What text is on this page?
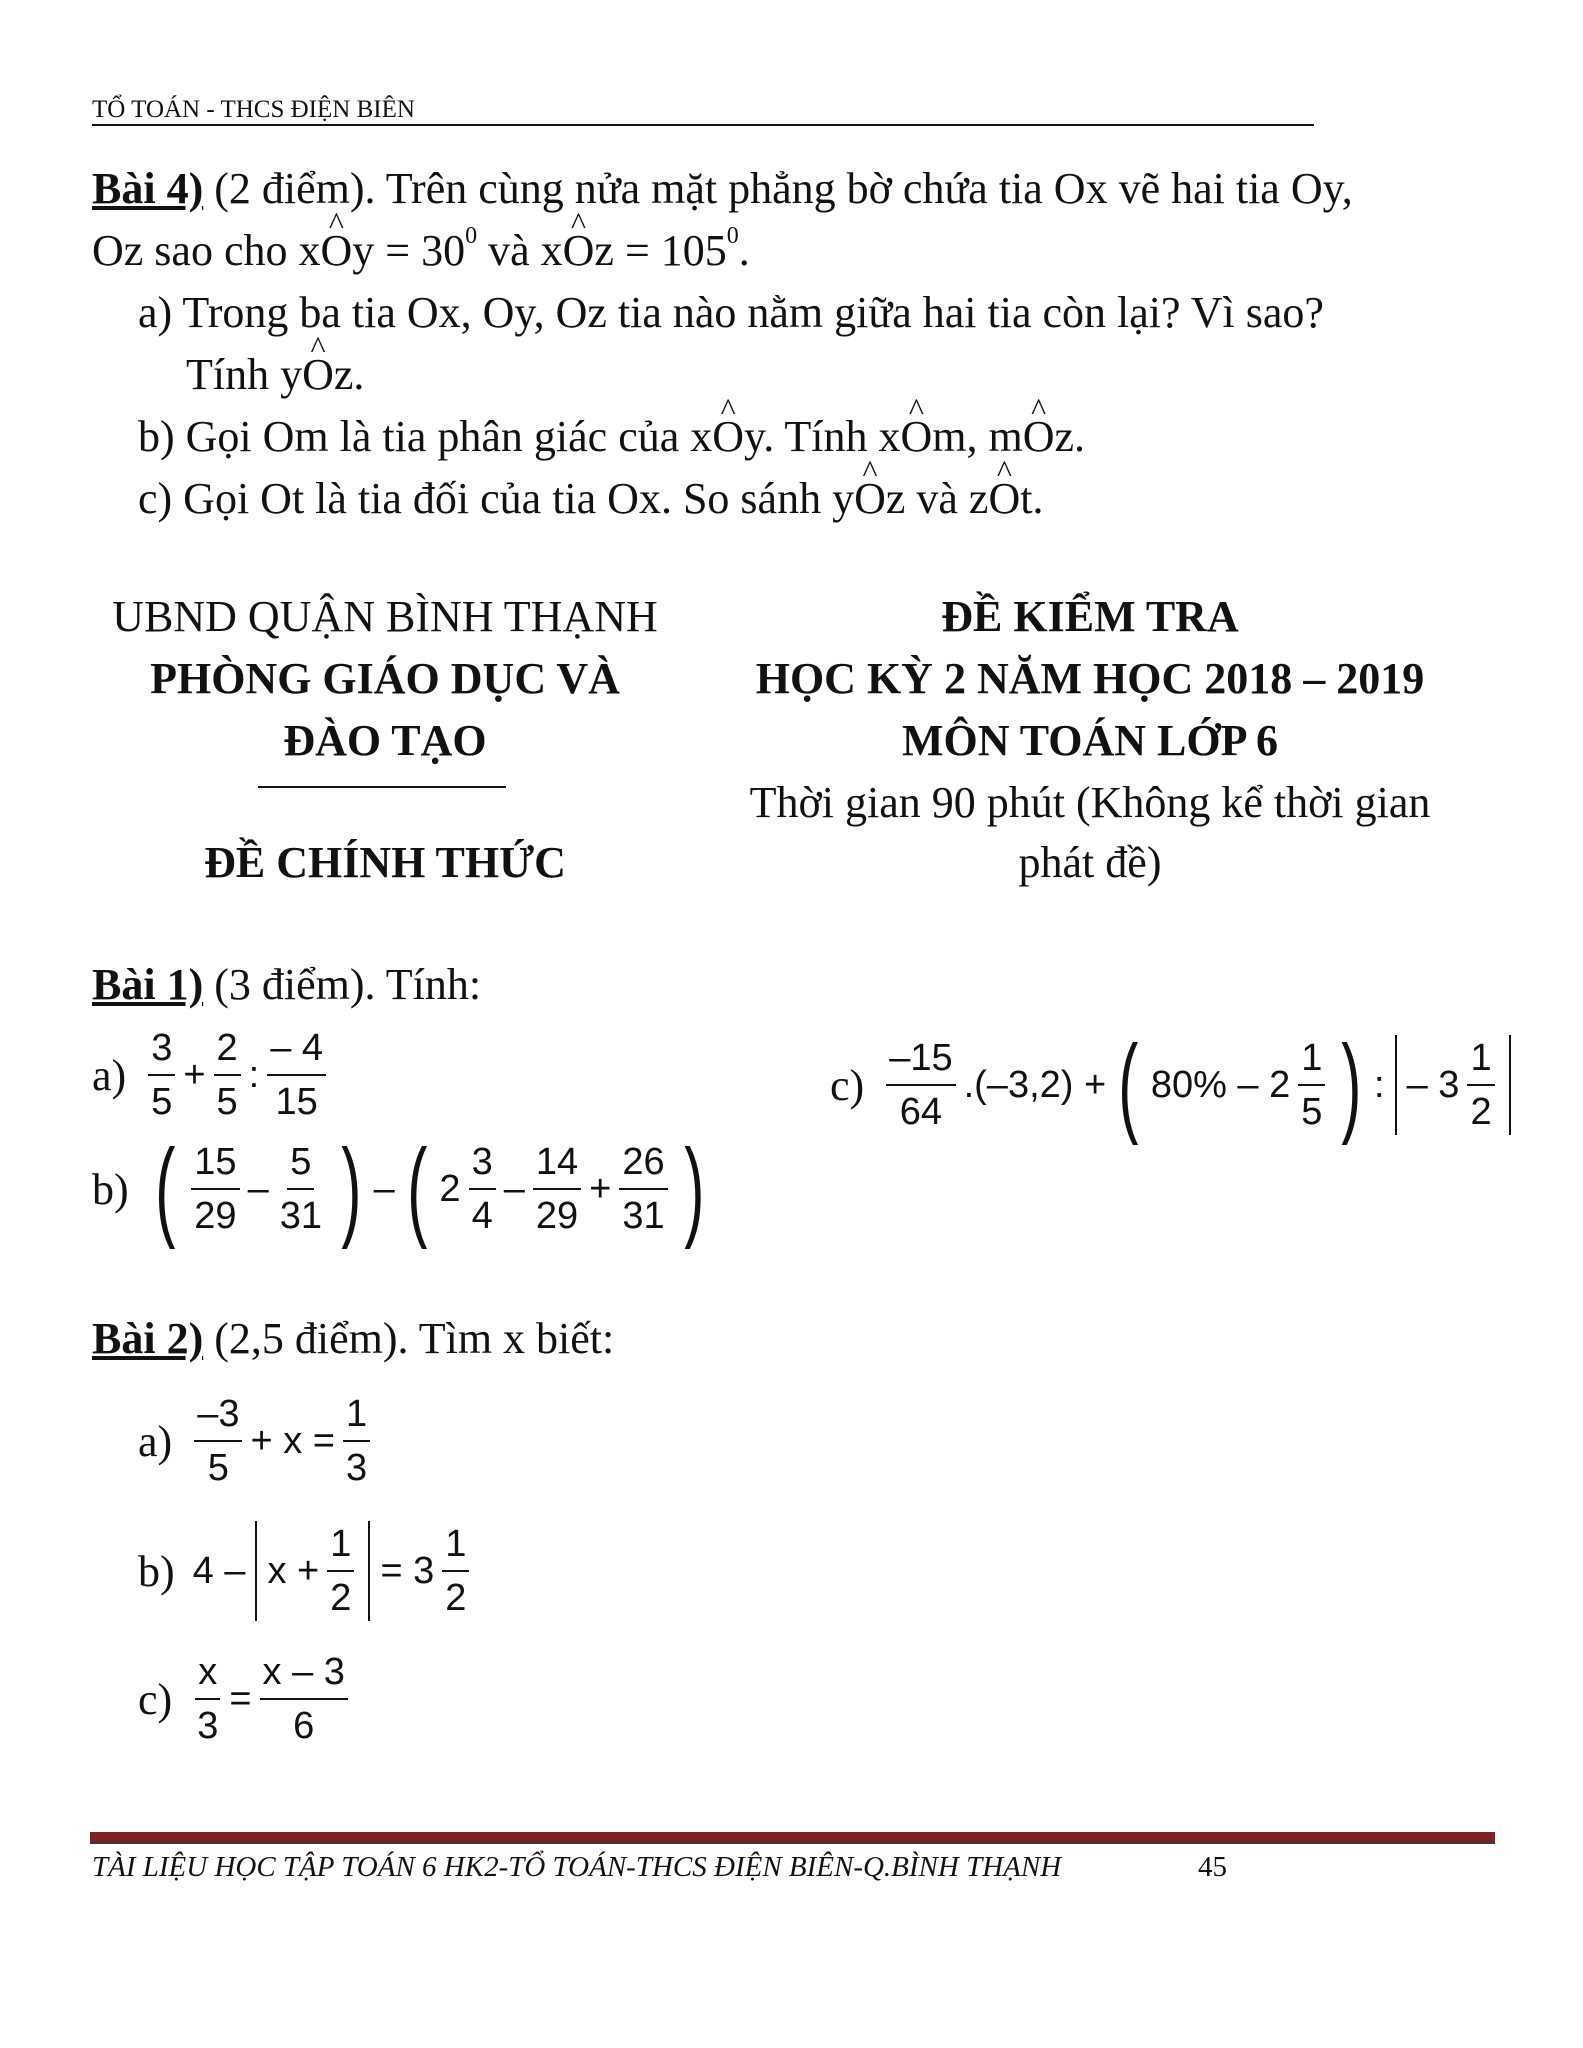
TỔ TOÁN - THCS ĐIỆN BIÊN
Bài 4) (2 điểm). Trên cùng nửa mặt phẳng bờ chứa tia Ox vẽ hai tia Oy,
Oz sao cho x^ $Oy = 30^0$ và x^ $Oz = 105^0$.
a) Trong ba tia Ox, Oy, Oz tia nào nằm giữa hai tia còn lại? Vì sao?
Tính y^ Oz.
b) Gọi Om là tia phân giác của x^ Oy. Tính x^ Om, m^ Oz.
c) Gọi Ot là tia đối của tia Ox. So sánh y^ Oz và z^ Ot.
UBND QUẬN BÌNH THẠNH
PHÒNG GIÁO DỤC VÀ
ĐÀO TẠO
ĐỀ CHÍNH THỨC
ĐỀ KIỂM TRA
HỌC KỲ 2 NĂM HỌC 2018 – 2019
MÔN TOÁN LỚP 6
Thời gian 90 phút (Không kể thời gian
phát đề)
Bài 1) (3 điểm). Tính:
$a) \frac{3}{5} + \frac{2}{5}$ : $\frac{- 4}{15}$
b) ( $\frac{15}{29} - \frac{5}{31}$ ) – ( $2 \frac{3}{4} - \frac{14}{29} + \frac{26}{31}$ )
$c) \frac{-15}{64} .(-3,2)$ + ( $80\% - 2 \frac{1}{5}$ ) : – $3 \frac{1}{2}$
Bài 2) (2,5 điểm). Tìm x biết:
$a) \frac{-3}{5} + x = \frac{1}{3}$
b) $4 - x + \frac{1}{2} = 3 \frac{1}{2}$
$c) \frac{x}{3} = \frac{x - 3}{6}$
TÀI LIỆU HỌC TẬP TOÁN 6 HK2-TỔ TOÁN-THCS ĐIỆN BIÊN-Q.BÌNH THẠNH	45
